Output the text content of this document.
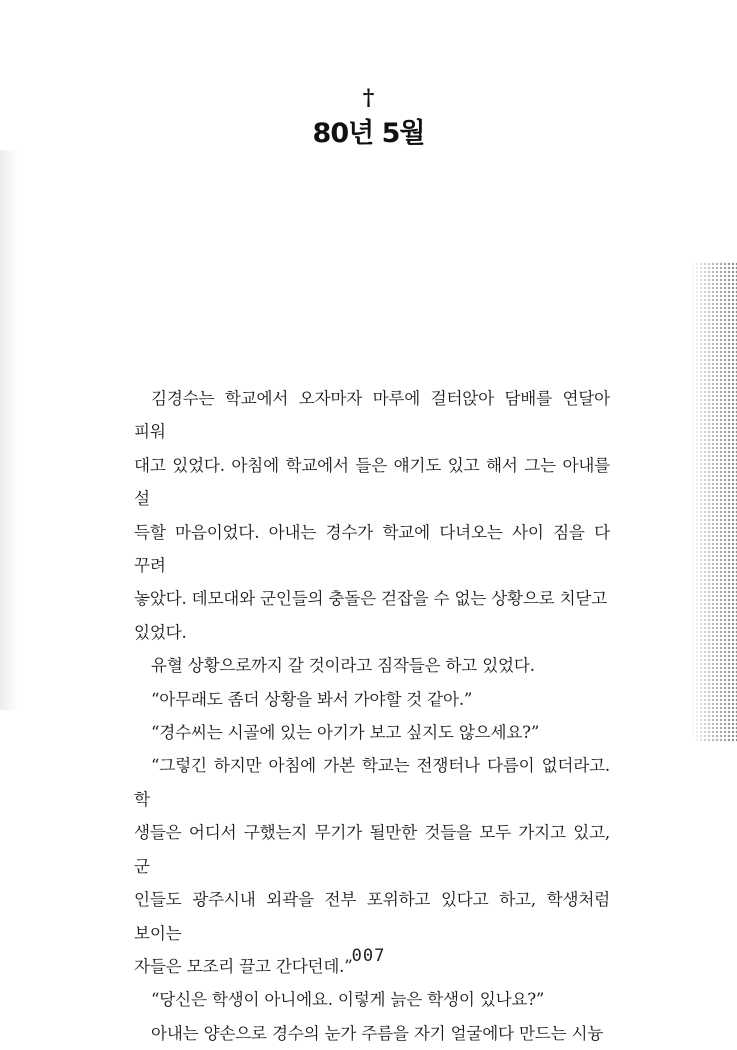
†
80년 5월

김경수는 학교에서 오자마자 마루에 걸터앉아 담배를 연달아 피워

대고 있었다. 아침에 학교에서 들은 얘기도 있고 해서 그는 아내를 설

득할 마음이었다. 아내는 경수가 학교에 다녀오는 사이 짐을 다 꾸려

놓았다. 데모대와 군인들의 충돌은 걷잡을 수 없는 상황으로 치닫고

있었다.

유혈 상황으로까지 갈 것이라고 짐작들은 하고 있었다.

“아무래도 좀더 상황을 봐서 가야할 것 같아.”

“경수씨는 시골에 있는 아기가 보고 싶지도 않으세요?”

“그렇긴 하지만 아침에 가본 학교는 전쟁터나 다름이 없더라고. 학

생들은 어디서 구했는지 무기가 될만한 것들을 모두 가지고 있고, 군

인들도 광주시내 외곽을 전부 포위하고 있다고 하고, 학생처럼 보이는

자들은 모조리 끌고 간다던데.”

“당신은 학생이 아니에요. 이렇게 늙은 학생이 있나요?”

아내는 양손으로 경수의 눈가 주름을 자기 얼굴에다 만드는 시늉

007
